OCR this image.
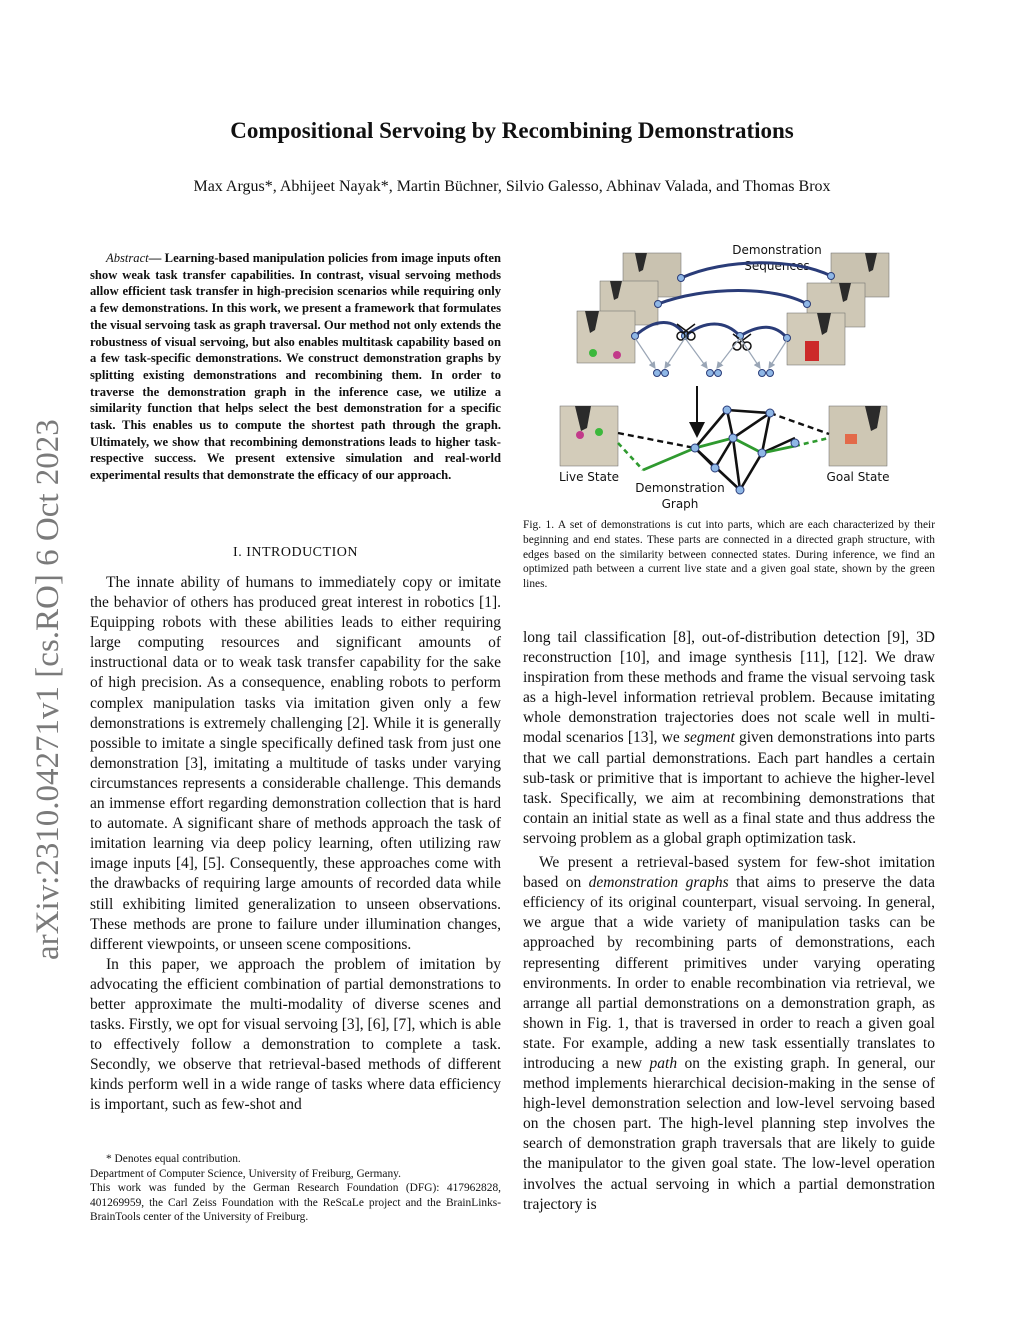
Compositional Servoing by Recombining Demonstrations
Max Argus*, Abhijeet Nayak*, Martin Büchner, Silvio Galesso, Abhinav Valada, and Thomas Brox
arXiv:2310.04271v1 [cs.RO] 6 Oct 2023
Abstract— Learning-based manipulation policies from image inputs often show weak task transfer capabilities. In contrast, visual servoing methods allow efficient task transfer in high-precision scenarios while requiring only a few demonstrations. In this work, we present a framework that formulates the visual servoing task as graph traversal. Our method not only extends the robustness of visual servoing, but also enables multitask capability based on a few task-specific demonstrations. We construct demonstration graphs by splitting existing demonstrations and recombining them. In order to traverse the demonstration graph in the inference case, we utilize a similarity function that helps select the best demonstration for a specific task. This enables us to compute the shortest path through the graph. Ultimately, we show that recombining demonstrations leads to higher task-respective success. We present extensive simulation and real-world experimental results that demonstrate the efficacy of our approach.
I. INTRODUCTION

The innate ability of humans to immediately copy or imitate the behavior of others has produced great interest in robotics [1]. Equipping robots with these abilities leads to either requiring large computing resources and significant amounts of instructional data or to weak task transfer capability for the sake of high precision. As a consequence, enabling robots to perform complex manipulation tasks via imitation given only a few demonstrations is extremely challenging [2]. While it is generally possible to imitate a single specifically defined task from just one demonstration [3], imitating a multitude of tasks under varying circumstances represents a considerable challenge. This demands an immense effort regarding demonstration collection that is hard to automate. A significant share of methods approach the task of imitation learning via deep policy learning, often utilizing raw image inputs [4], [5]. Consequently, these approaches come with the drawbacks of requiring large amounts of recorded data while still exhibiting limited generalization to unseen observations. These methods are prone to failure under illumination changes, different viewpoints, or unseen scene compositions.

In this paper, we approach the problem of imitation by advocating the efficient combination of partial demonstrations to better approximate the multi-modality of diverse scenes and tasks. Firstly, we opt for visual servoing [3], [6], [7], which is able to effectively follow a demonstration to complete a task. Secondly, we observe that retrieval-based methods of different kinds perform well in a wide range of tasks where data efficiency is important, such as few-shot and

* Denotes equal contribution.
Department of Computer Science, University of Freiburg, Germany.
This work was funded by the German Research Foundation (DFG): 417962828, 401269959, the Carl Zeiss Foundation with the ReScaLe project and the BrainLinks-BrainTools center of the University of Freiburg.
Demonstration
Sequences
Live State	Goal State
Demonstration
Graph
Fig. 1. A set of demonstrations is cut into parts, which are each characterized by their beginning and end states. These parts are connected in a directed graph structure, with edges based on the similarity between connected states. During inference, we find an optimized path between a current live state and a given goal state, shown by the green lines.

long tail classification [8], out-of-distribution detection [9], 3D reconstruction [10], and image synthesis [11], [12]. We draw inspiration from these methods and frame the visual servoing task as a high-level information retrieval problem. Because imitating whole demonstration trajectories does not scale well in multi-modal scenarios [13], we segment given demonstrations into parts that we call partial demonstrations. Each part handles a certain sub-task or primitive that is important to achieve the higher-level task. Specifically, we aim at recombining demonstrations that contain an initial state as well as a final state and thus address the servoing problem as a global graph optimization task.

We present a retrieval-based system for few-shot imitation based on demonstration graphs that aims to preserve the data efficiency of its original counterpart, visual servoing. In general, we argue that a wide variety of manipulation tasks can be approached by recombining parts of demonstrations, each representing different primitives under varying operating environments. In order to enable recombination via retrieval, we arrange all partial demonstrations on a demonstration graph, as shown in Fig. 1, that is traversed in order to reach a given goal state. For example, adding a new task essentially translates to introducing a new path on the existing graph. In general, our method implements hierarchical decision-making in the sense of high-level demonstration selection and low-level servoing based on the chosen part. The high-level planning step involves the search of demonstration graph traversals that are likely to guide the manipulator to the given goal state. The low-level operation involves the actual servoing in which a partial demonstration trajectory is
